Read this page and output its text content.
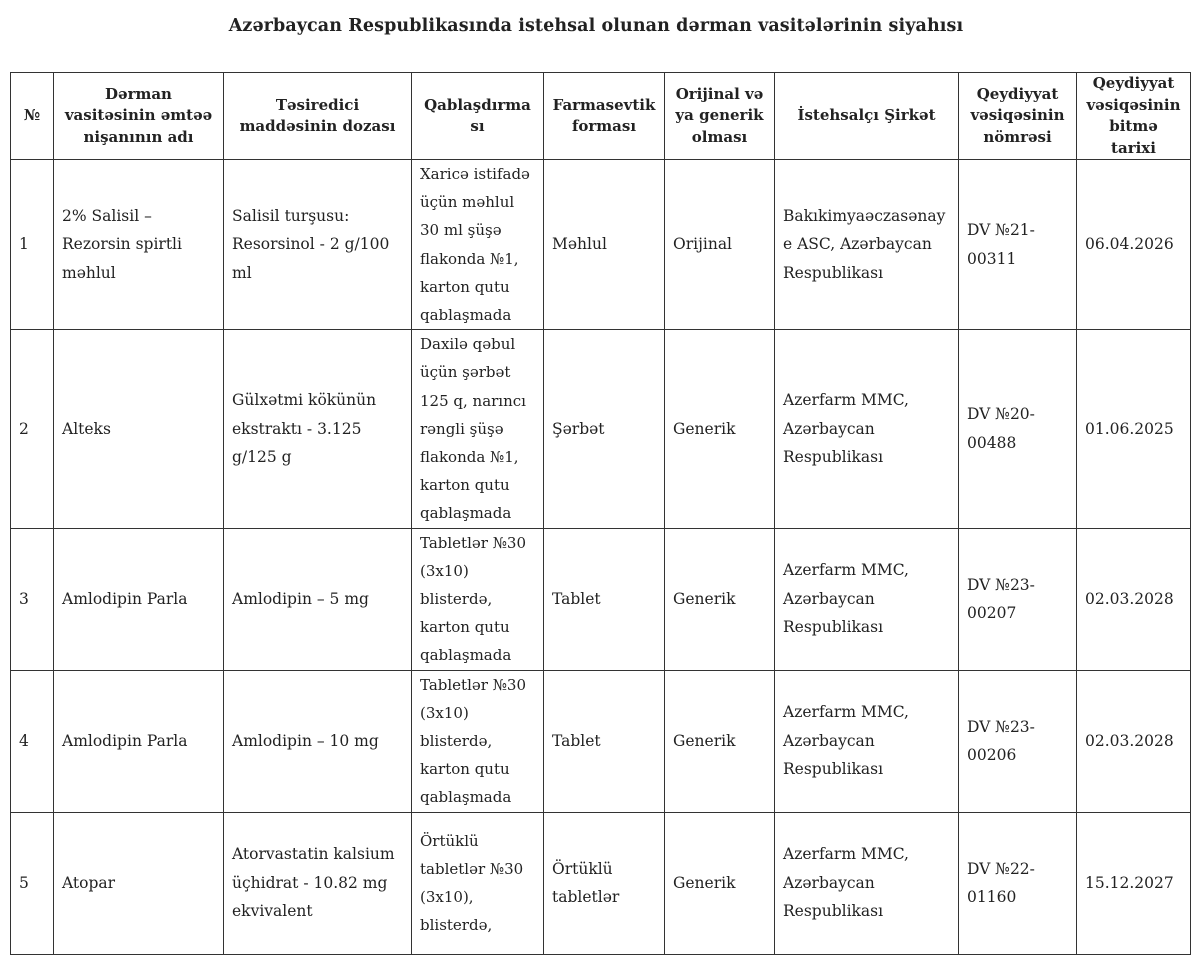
Azərbaycan Respublikasında istehsal olunan dərman vasitələrinin siyahısı
№	Dərman vasitəsinin əmtəə nişanının adı	Təsiredici maddəsinin dozası	Qablaşdırması	Farmasevtik forması	Orijinal və ya generik olması	İstehsalçı Şirkət	Qeydiyyat vəsiqəsinin nömrəsi	Qeydiyyat vəsiqəsinin bitmə tarixi
1	2% Salisil – Rezorsin spirtli məhlul	Salisil turşusu: Resorsinol - 2 g/100 ml	Xaricə istifadə üçün məhlul 30 ml şüşə flakonda №1, karton qutu qablaşmada	Məhlul	Orijinal	Bakıkimyaəczasənaye ASC, Azərbaycan Respublikası	DV №21-00311	06.04.2026
2	Alteks	Gülxətmi kökünün ekstraktı - 3.125 g/125 g	Daxilə qəbul üçün şərbət 125 q, narıncı rəngli şüşə flakonda №1, karton qutu qablaşmada	Şərbət	Generik	Azerfarm MMC, Azərbaycan Respublikası	DV №20-00488	01.06.2025
3	Amlodipin Parla	Amlodipin – 5 mg	Tabletlər №30 (3x10) blisterdə, karton qutu qablaşmada	Tablet	Generik	Azerfarm MMC, Azərbaycan Respublikası	DV №23-00207	02.03.2028
4	Amlodipin Parla	Amlodipin – 10 mg	Tabletlər №30 (3x10) blisterdə, karton qutu qablaşmada	Tablet	Generik	Azerfarm MMC, Azərbaycan Respublikası	DV №23-00206	02.03.2028
5	Atopar	Atorvastatin kalsium üçhidrat - 10.82 mg ekvivalent	Örtüklü tabletlər №30 (3x10), blisterdə,	Örtüklü tabletlər	Generik	Azerfarm MMC, Azərbaycan Respublikası	DV №22-01160	15.12.2027
